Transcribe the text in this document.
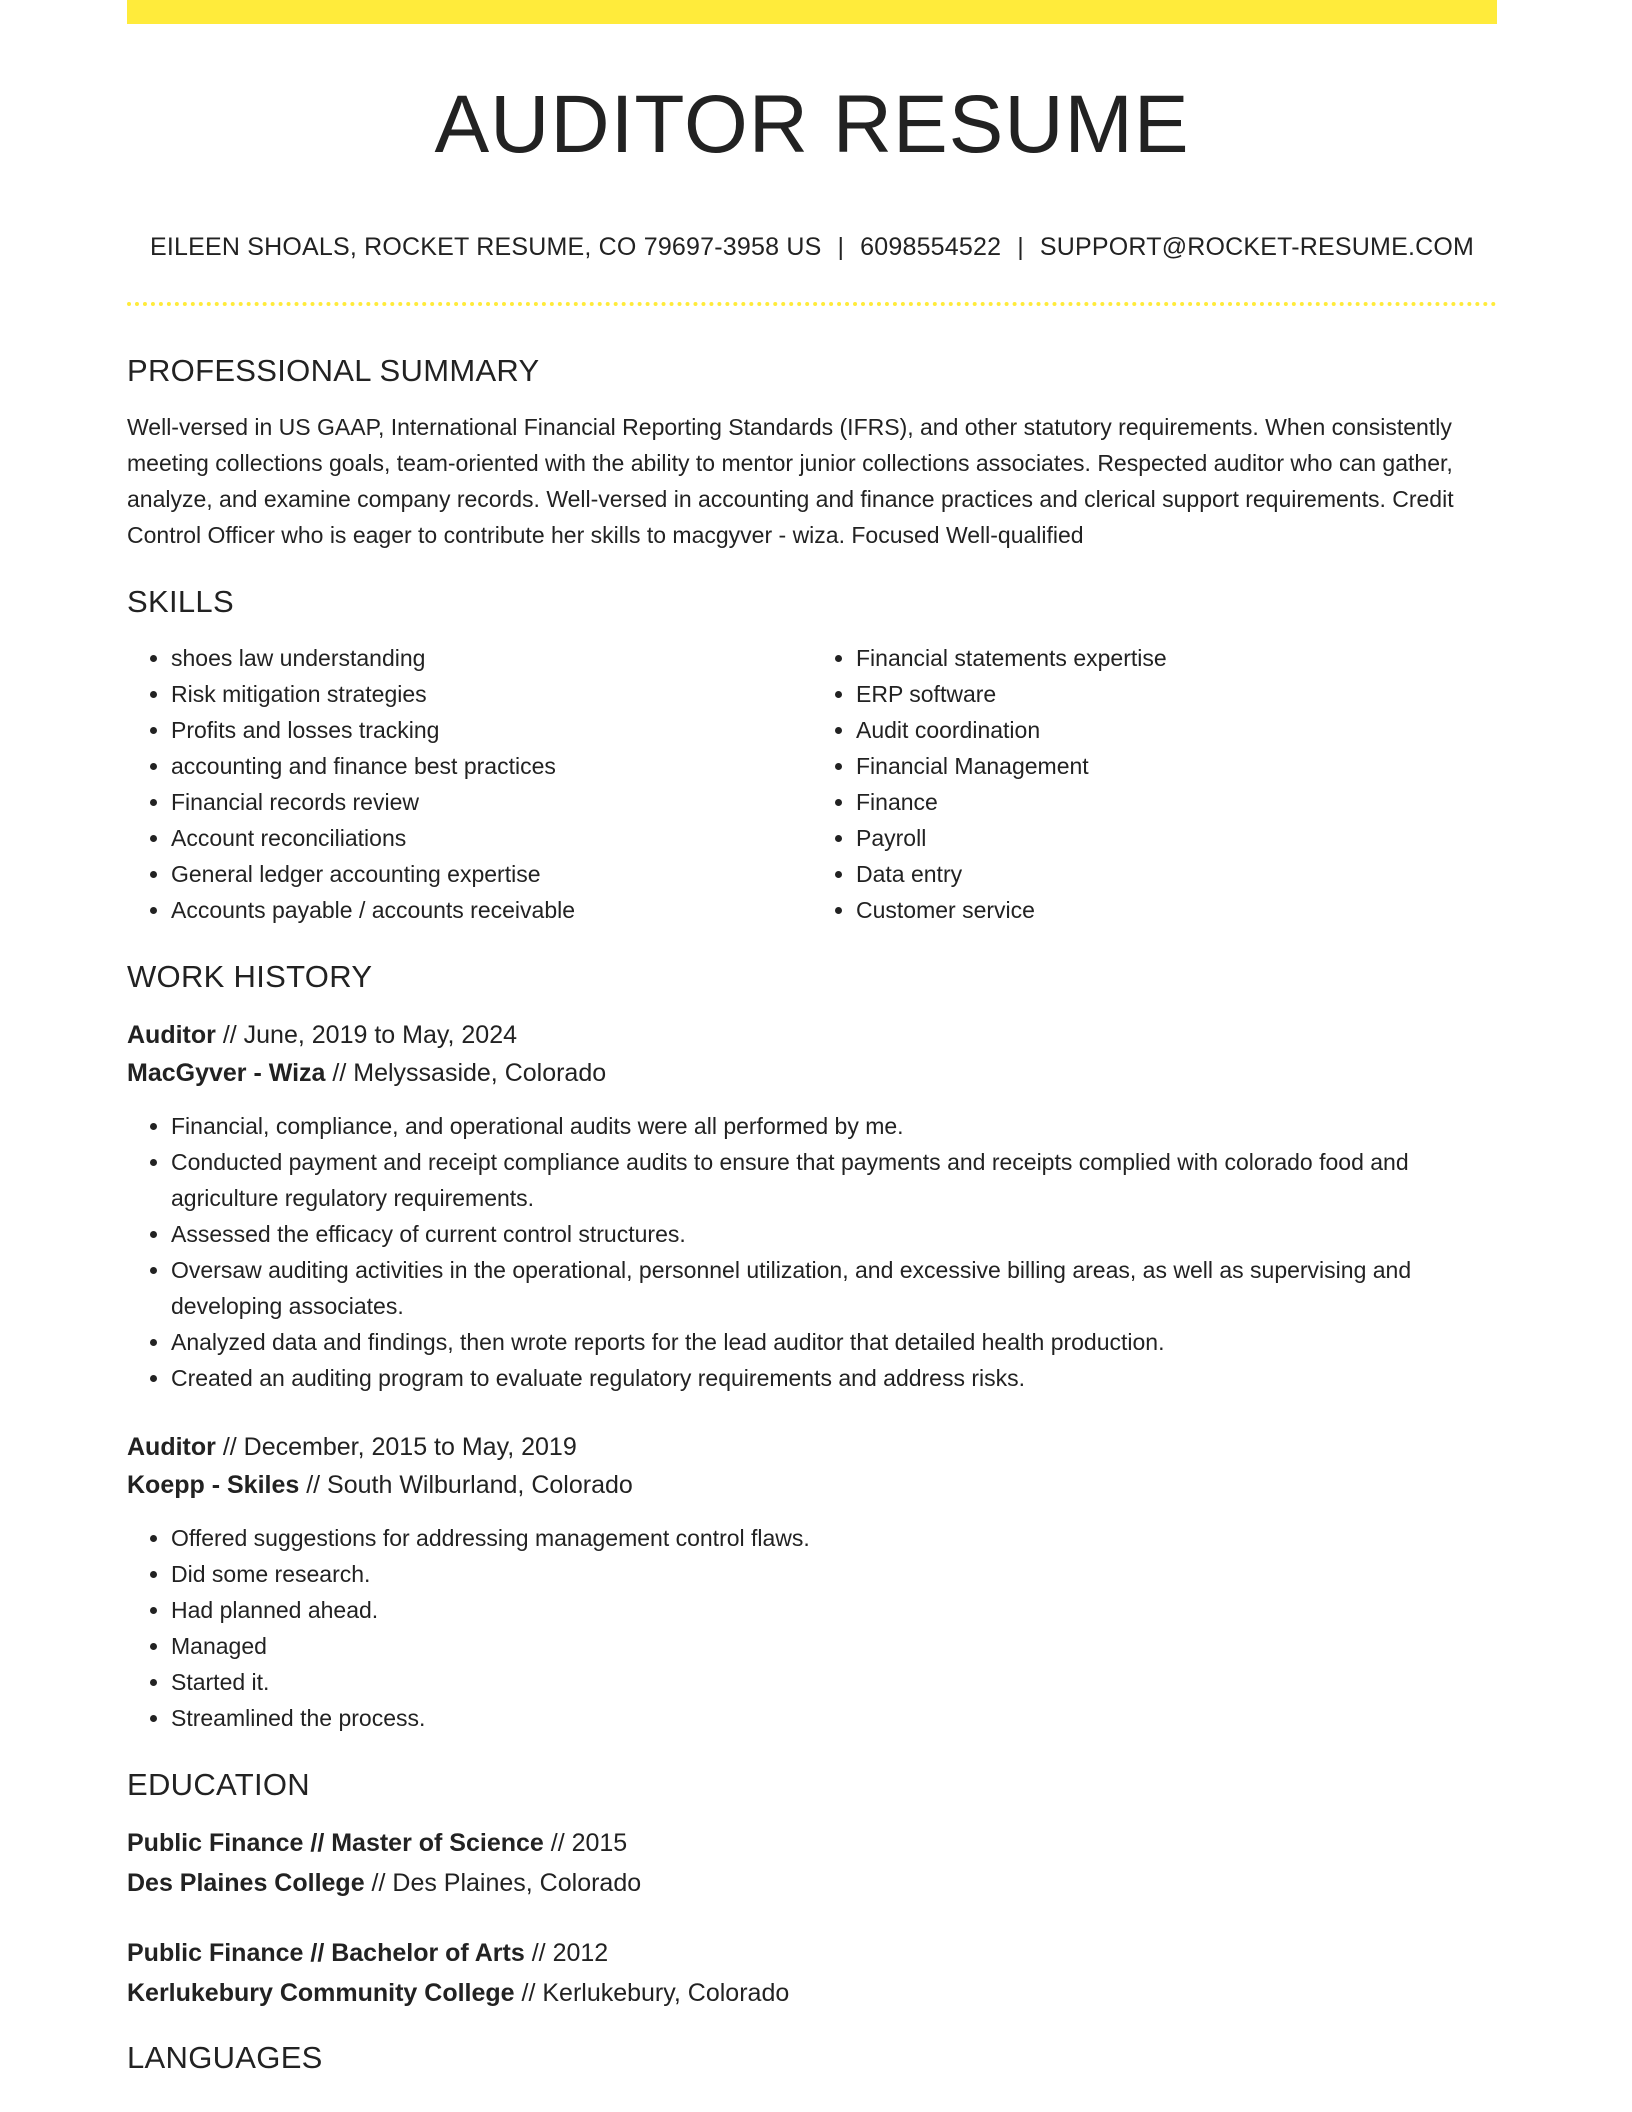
AUDITOR RESUME
EILEEN SHOALS, ROCKET RESUME, CO 79697-3958 US | 6098554522 | SUPPORT@ROCKET-RESUME.COM
PROFESSIONAL SUMMARY

Well-versed in US GAAP, International Financial Reporting Standards (IFRS), and other statutory requirements. When consistently meeting collections goals, team-oriented with the ability to mentor junior collections associates. Respected auditor who can gather, analyze, and examine company records. Well-versed in accounting and finance practices and clerical support requirements. Credit Control Officer who is eager to contribute her skills to macgyver - wiza. Focused Well-qualified

SKILLS
• shoes law understanding
• Risk mitigation strategies
• Profits and losses tracking
• accounting and finance best practices
• Financial records review
• Account reconciliations
• General ledger accounting expertise
• Accounts payable / accounts receivable
• Financial statements expertise
• ERP software
• Audit coordination
• Financial Management
• Finance
• Payroll
• Data entry
• Customer service
WORK HISTORY
Auditor // June, 2019 to May, 2024
MacGyver - Wiza // Melyssaside, Colorado
• Financial, compliance, and operational audits were all performed by me.
• Conducted payment and receipt compliance audits to ensure that payments and receipts complied with colorado food and agriculture regulatory requirements.
• Assessed the efficacy of current control structures.
• Oversaw auditing activities in the operational, personnel utilization, and excessive billing areas, as well as supervising and developing associates.
• Analyzed data and findings, then wrote reports for the lead auditor that detailed health production.
• Created an auditing program to evaluate regulatory requirements and address risks.
Auditor // December, 2015 to May, 2019
Koepp - Skiles // South Wilburland, Colorado
• Offered suggestions for addressing management control flaws.
• Did some research.
• Had planned ahead.
• Managed
• Started it.
• Streamlined the process.
EDUCATION
Public Finance // Master of Science // 2015
Des Plaines College // Des Plaines, Colorado
Public Finance // Bachelor of Arts // 2012
Kerlukebury Community College // Kerlukebury, Colorado
LANGUAGES
